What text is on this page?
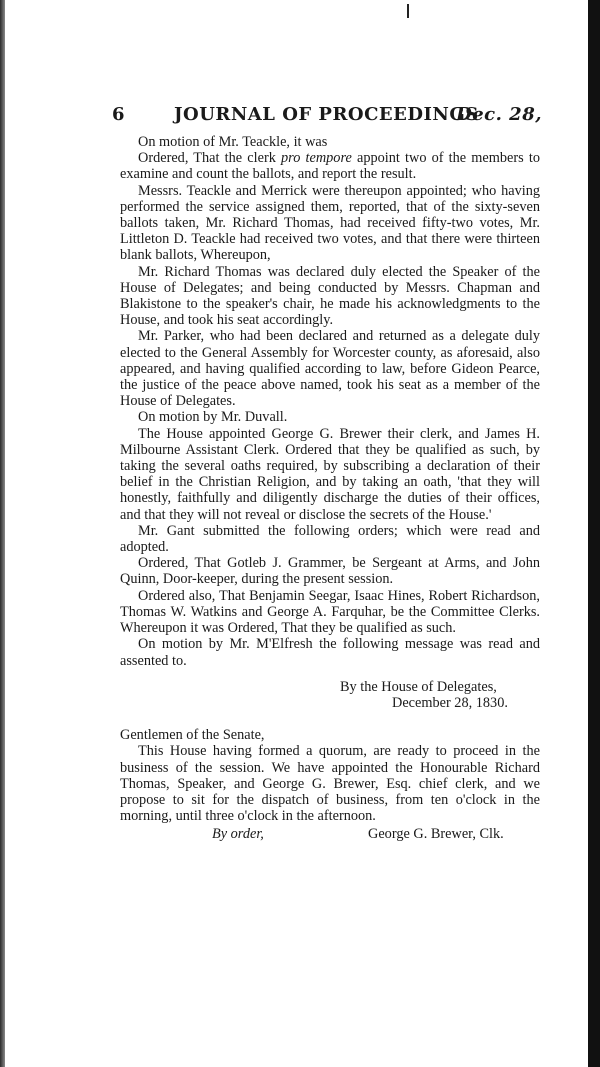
6	JOURNAL OF PROCEEDINGS
Dec. 28,

On motion of Mr. Teackle, it was

Ordered, That the clerk pro tempore appoint two of the members to examine and count the ballots, and report the result.

Messrs. Teackle and Merrick were thereupon appointed; who having performed the service assigned them, reported, that of the sixty-seven ballots taken, Mr. Richard Thomas, had received fifty-two votes, Mr. Littleton D. Teackle had received two votes, and that there were thirteen blank ballots, Whereupon,

Mr. Richard Thomas was declared duly elected the Speaker of the House of Delegates; and being conducted by Messrs. Chapman and Blakistone to the speaker's chair, he made his acknowledgments to the House, and took his seat accordingly.

Mr. Parker, who had been declared and returned as a delegate duly elected to the General Assembly for Worcester county, as aforesaid, also appeared, and having qualified according to law, before Gideon Pearce, the justice of the peace above named, took his seat as a member of the House of Delegates.

On motion by Mr. Duvall.

The House appointed George G. Brewer their clerk, and James H. Milbourne Assistant Clerk. Ordered that they be qualified as such, by taking the several oaths required, by subscribing a declaration of their belief in the Christian Religion, and by taking an oath, 'that they will honestly, faithfully and diligently discharge the duties of their offices, and that they will not reveal or disclose the secrets of the House.'

Mr. Gant submitted the following orders; which were read and adopted.

Ordered, That Gotleb J. Grammer, be Sergeant at Arms, and John Quinn, Door-keeper, during the present session.

Ordered also, That Benjamin Seegar, Isaac Hines, Robert Richardson, Thomas W. Watkins and George A. Farquhar, be the Committee Clerks. Whereupon it was Ordered, That they be qualified as such.

On motion by Mr. M'Elfresh the following message was read and assented to.

By the House of Delegates,

December 28, 1830.

Gentlemen of the Senate,

This House having formed a quorum, are ready to proceed in the business of the session. We have appointed the Honourable Richard Thomas, Speaker, and George G. Brewer, Esq. chief clerk, and we propose to sit for the dispatch of business, from ten o'clock in the morning, until three o'clock in the afternoon.

By order,	George G. Brewer, Clk.
